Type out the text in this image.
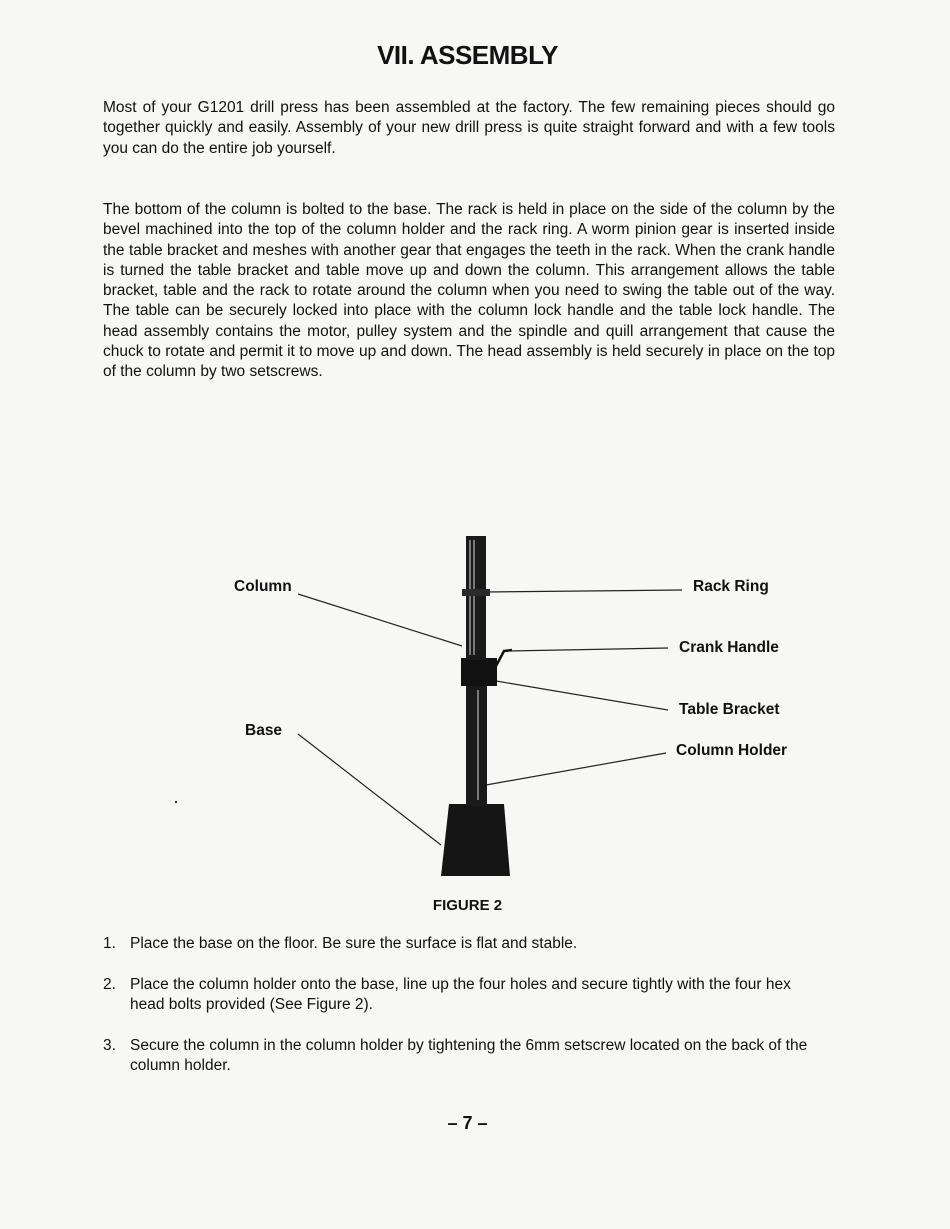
VII. ASSEMBLY

Most of your G1201 drill press has been assembled at the factory. The few remaining pieces should go together quickly and easily. Assembly of your new drill press is quite straight forward and with a few tools you can do the entire job yourself.

The bottom of the column is bolted to the base. The rack is held in place on the side of the column by the bevel machined into the top of the column holder and the rack ring. A worm pinion gear is inserted inside the table bracket and meshes with another gear that engages the teeth in the rack. When the crank handle is turned the table bracket and table move up and down the column. This arrangement allows the table bracket, table and the rack to rotate around the column when you need to swing the table out of the way. The table can be securely locked into place with the column lock handle and the table lock handle. The head assembly contains the motor, pulley system and the spindle and quill arrangement that cause the chuck to rotate and permit it to move up and down. The head assembly is held securely in place on the top of the column by two setscrews.

Column
Base
Rack Ring
Crank Handle
Table Bracket
Column Holder
FIGURE 2
1. Place the base on the floor. Be sure the surface is flat and stable.
2. Place the column holder onto the base, line up the four holes and secure tightly with the four hex head bolts provided (See Figure 2).
3. Secure the column in the column holder by tightening the 6mm setscrew located on the back of the column holder.
– 7 –
